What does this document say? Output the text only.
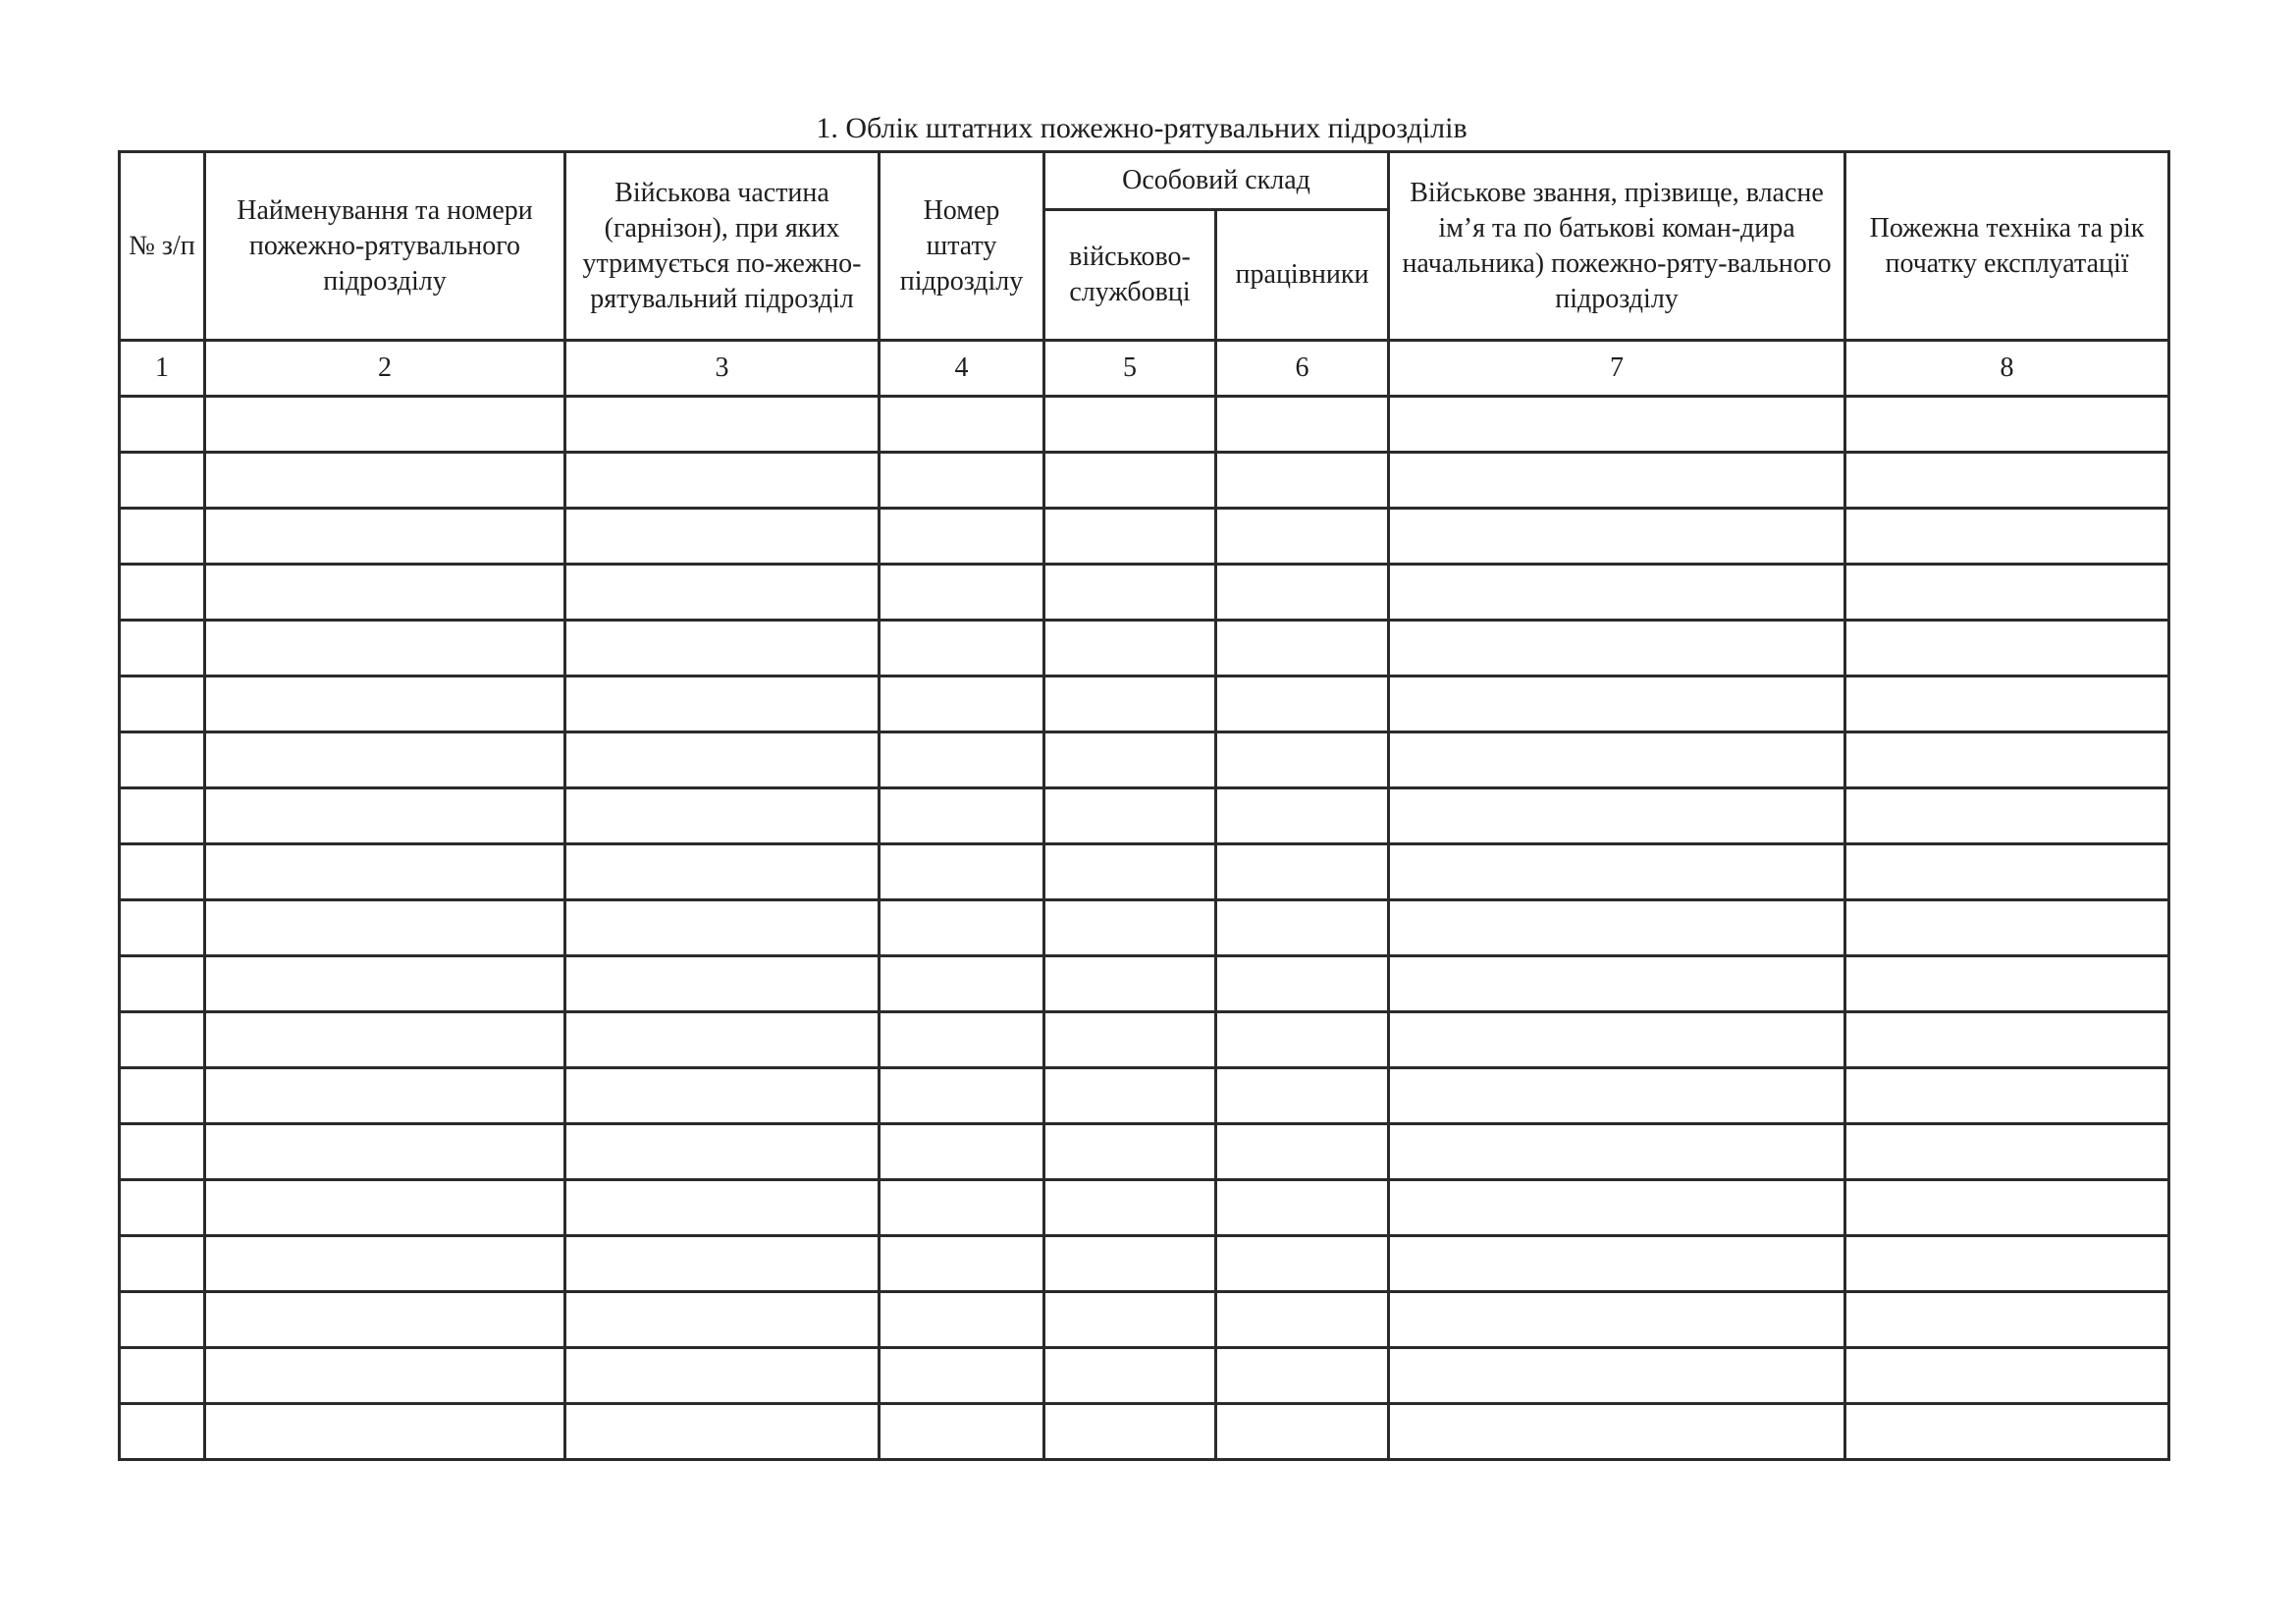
1. Облік штатних пожежно-рятувальних підрозділів
№ з/п	Найменування та номери пожежно-рятувального підрозділу	Військова частина (гарнізон), при яких утримується по-жежно-рятувальний підрозділ	Номер штату підрозділу	Особовий склад		Військове звання, прізвище, власне ім’я та по батькові коман-дира начальника) пожежно-ряту-вального підрозділу	Пожежна техніка та рік початку експлуатації
				військово-службовці	працівники		
1	2	3	4	5	6	7	8
